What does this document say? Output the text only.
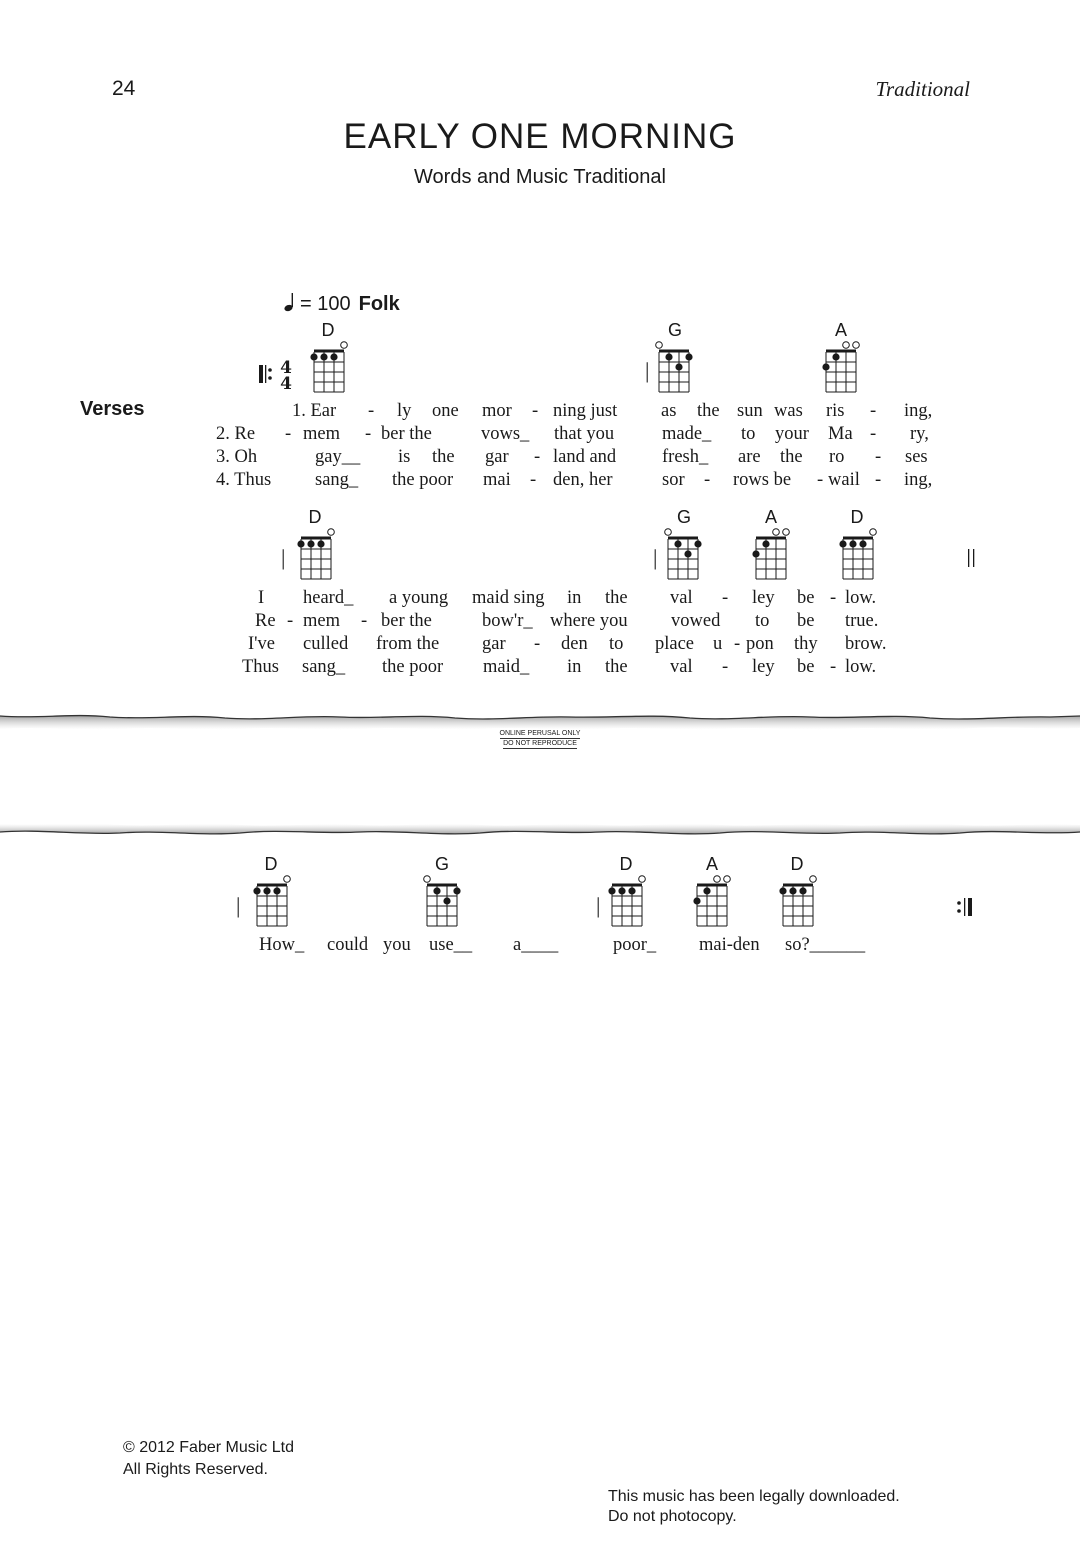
24	Traditional
EARLY ONE MORNING
Words and Music Traditional
= 100 Folk
Verses
4
4
D
|
G	A
1. Ear - ly one mor - ning just as the sun was ris - ing,
2. Re - mem - ber the	vows_ that you	made_ to your Ma - ry,
3. Oh	gay__ is the gar - land and fresh_ are the ro - ses
4. Thus sang_ the poor mai - den, her	sor - rows be - wail - ing,
|
D
|
G	A	D
I heard_ a young maid sing in the val - ley be - low.
Re - mem - ber the	bow'r_ where you vowed to be true.
I've culled from the gar - den to place u - pon thy brow.
Thus sang_ the poor maid_ in the val - ley be - low.
ONLINE PERUSAL ONLY
DO NOT REPRODUCE
|
D	G
|
D	A	D
How_ could you use__ a____	poor_ mai-den so?______
© 2012 Faber Music Ltd
All Rights Reserved.
This music has been legally downloaded.
Do not photocopy.
